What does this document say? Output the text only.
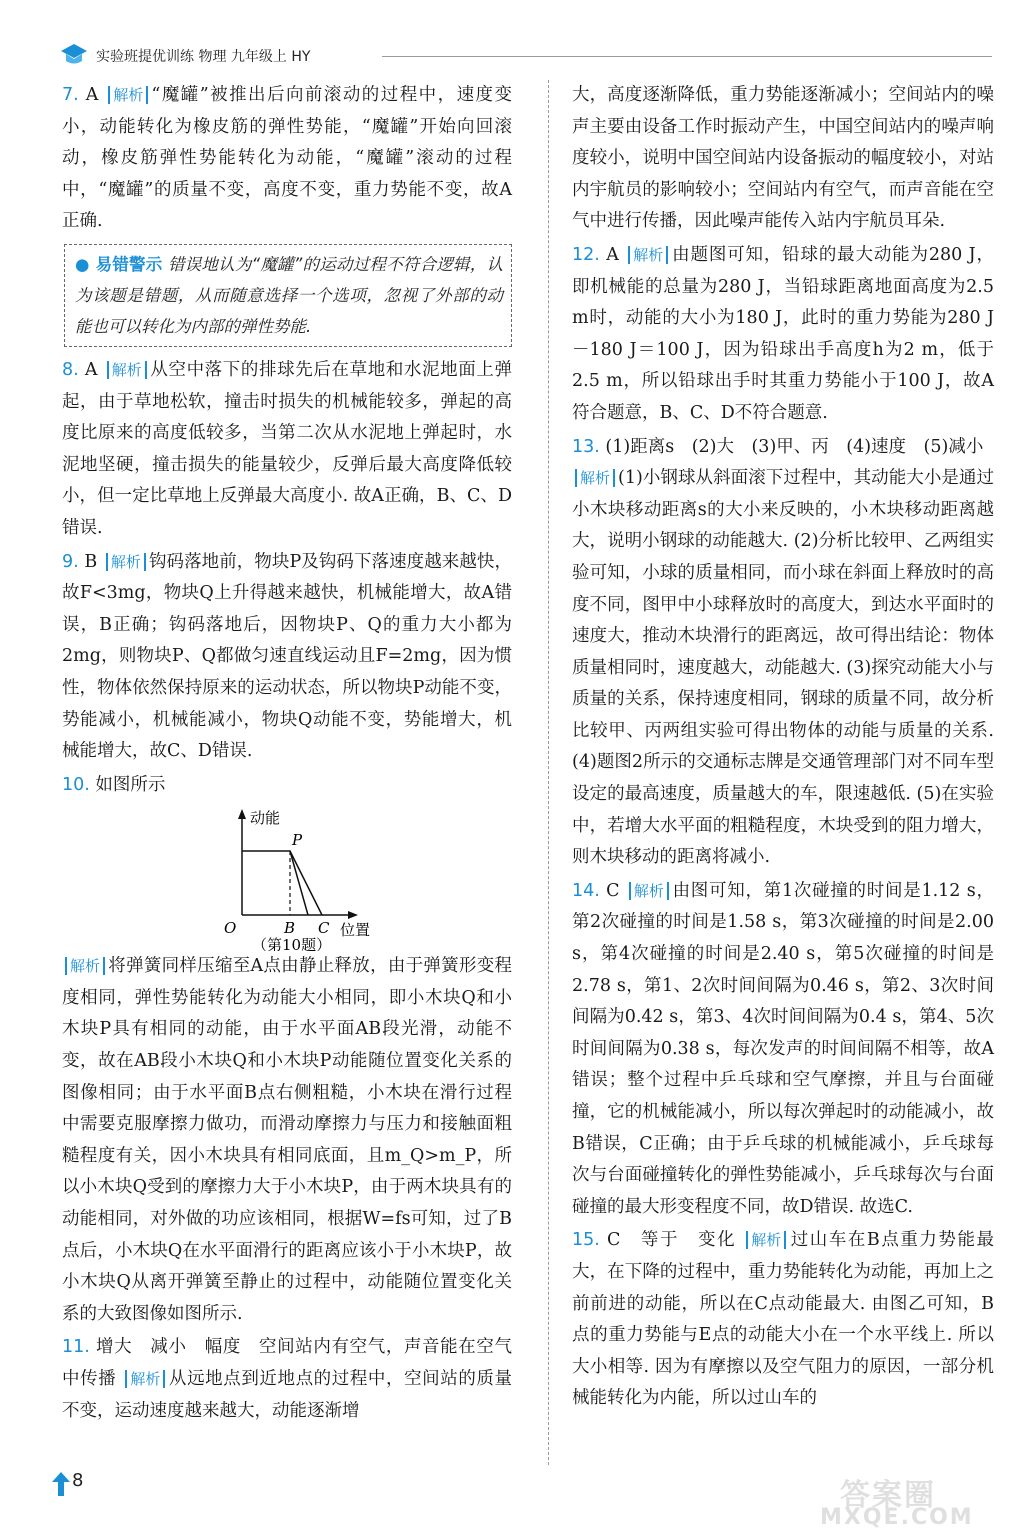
实验班提优训练 物理 九年级上 HY

7. A 解析 “魔罐”被推出后向前滚动的过程中，速度变小，动能转化为橡皮筋的弹性势能，“魔罐”开始向回滚动，橡皮筋弹性势能转化为动能，“魔罐”滚动的过程中，“魔罐”的质量不变，高度不变，重力势能不变，故A正确.

● 易错警示 错误地认为“魔罐”的运动过程不符合逻辑，认为该题是错题，从而随意选择一个选项，忽视了外部的动能也可以转化为内部的弹性势能.

8. A 解析 从空中落下的排球先后在草地和水泥地面上弹起，由于草地松软，撞击时损失的机械能较多，弹起的高度比原来的高度低较多，当第二次从水泥地上弹起时，水泥地坚硬，撞击损失的能量较少，反弹后最大高度降低较小，但一定比草地上反弹最大高度小. 故A正确，B、C、D错误.

9. B 解析 钩码落地前，物块P及钩码下落速度越来越快，故F<3mg，物块Q上升得越来越快，机械能增大，故A错误，B正确；钩码落地后，因物块P、Q的重力大小都为2mg，则物块P、Q都做匀速直线运动且F=2mg，因为惯性，物体依然保持原来的运动状态，所以物块P动能不变，势能减小，机械能减小，物块Q动能不变，势能增大，机械能增大，故C、D错误.

10. 如图所示

动能
位置
O
P
B C
（第10题）

解析 将弹簧同样压缩至A点由静止释放，由于弹簧形变程度相同，弹性势能转化为动能大小相同，即小木块Q和小木块P具有相同的动能，由于水平面AB段光滑，动能不变，故在AB段小木块Q和小木块P动能随位置变化关系的图像相同；由于水平面B点右侧粗糙，小木块在滑行过程中需要克服摩擦力做功，而滑动摩擦力与压力和接触面粗糙程度有关，因小木块具有相同底面，且m_Q>m_P，所以小木块Q受到的摩擦力大于小木块P，由于两木块具有的动能相同，对外做的功应该相同，根据W=fs可知，过了B点后，小木块Q在水平面滑行的距离应该小于小木块P，故小木块Q从离开弹簧至静止的过程中，动能随位置变化关系的大致图像如图所示.

11. 增大　减小　幅度　空间站内有空气，声音能在空气中传播 解析 从远地点到近地点的过程中，空间站的质量不变，运动速度越来越大，动能逐渐增

大，高度逐渐降低，重力势能逐渐减小；空间站内的噪声主要由设备工作时振动产生，中国空间站内的噪声响度较小，说明中国空间站内设备振动的幅度较小，对站内宇航员的影响较小；空间站内有空气，而声音能在空气中进行传播，因此噪声能传入站内宇航员耳朵.

12. A 解析 由题图可知，铅球的最大动能为280 J，即机械能的总量为280 J，当铅球距离地面高度为2.5 m时，动能的大小为180 J，此时的重力势能为280 J－180 J＝100 J，因为铅球出手高度h为2 m，低于2.5 m，所以铅球出手时其重力势能小于100 J，故A符合题意，B、C、D不符合题意.

13. (1)距离s　(2)大　(3)甲、丙　(4)速度　(5)减小
解析 (1)小钢球从斜面滚下过程中，其动能大小是通过小木块移动距离s的大小来反映的，小木块移动距离越大，说明小钢球的动能越大. (2)分析比较甲、乙两组实验可知，小球的质量相同，而小球在斜面上释放时的高度不同，图甲中小球释放时的高度大，到达水平面时的速度大，推动木块滑行的距离远，故可得出结论：物体质量相同时，速度越大，动能越大. (3)探究动能大小与质量的关系，保持速度相同，钢球的质量不同，故分析比较甲、丙两组实验可得出物体的动能与质量的关系. (4)题图2所示的交通标志牌是交通管理部门对不同车型设定的最高速度，质量越大的车，限速越低. (5)在实验中，若增大水平面的粗糙程度，木块受到的阻力增大，则木块移动的距离将减小.

14. C 解析 由图可知，第1次碰撞的时间是1.12 s，第2次碰撞的时间是1.58 s，第3次碰撞的时间是2.00 s，第4次碰撞的时间是2.40 s，第5次碰撞的时间是2.78 s，第1、2次时间间隔为0.46 s，第2、3次时间间隔为0.42 s，第3、4次时间间隔为0.4 s，第4、5次时间间隔为0.38 s，每次发声的时间间隔不相等，故A错误；整个过程中乒乓球和空气摩擦，并且与台面碰撞，它的机械能减小，所以每次弹起时的动能减小，故B错误，C正确；由于乒乓球的机械能减小，乒乓球每次与台面碰撞转化的弹性势能减小，乒乓球每次与台面碰撞的最大形变程度不同，故D错误. 故选C.

15. C　等于　变化 解析 过山车在B点重力势能最大，在下降的过程中，重力势能转化为动能，再加上之前前进的动能，所以在C点动能最大. 由图乙可知，B点的重力势能与E点的动能大小在一个水平线上. 所以大小相等. 因为有摩擦以及空气阻力的原因，一部分机械能转化为内能，所以过山车的

8	答案圈
MXQE.COM
